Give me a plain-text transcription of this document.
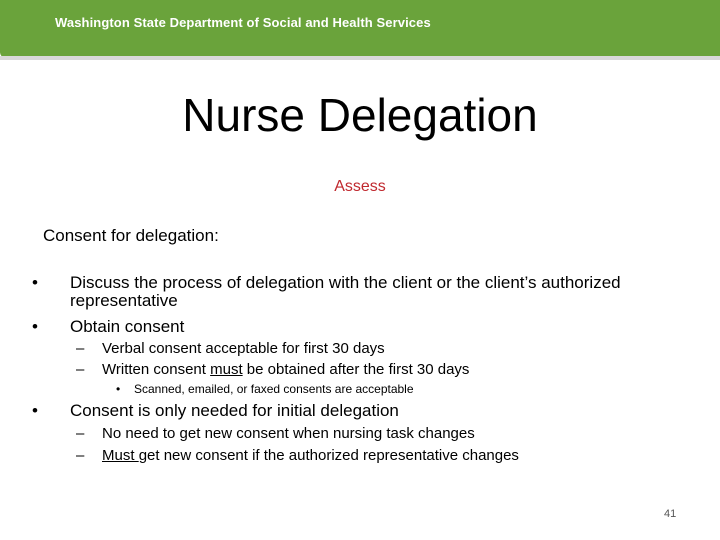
Washington State Department of Social and Health Services
Nurse Delegation
Assess
Consent for delegation:
• Discuss the process of delegation with the client or the client’s authorized representative
• Obtain consent
– Verbal consent acceptable for first 30 days
– Written consent must be obtained after the first 30 days
• Scanned, emailed, or faxed consents are acceptable
• Consent is only needed for initial delegation
– No need to get new consent when nursing task changes
– Must get new consent if the authorized representative changes
41
